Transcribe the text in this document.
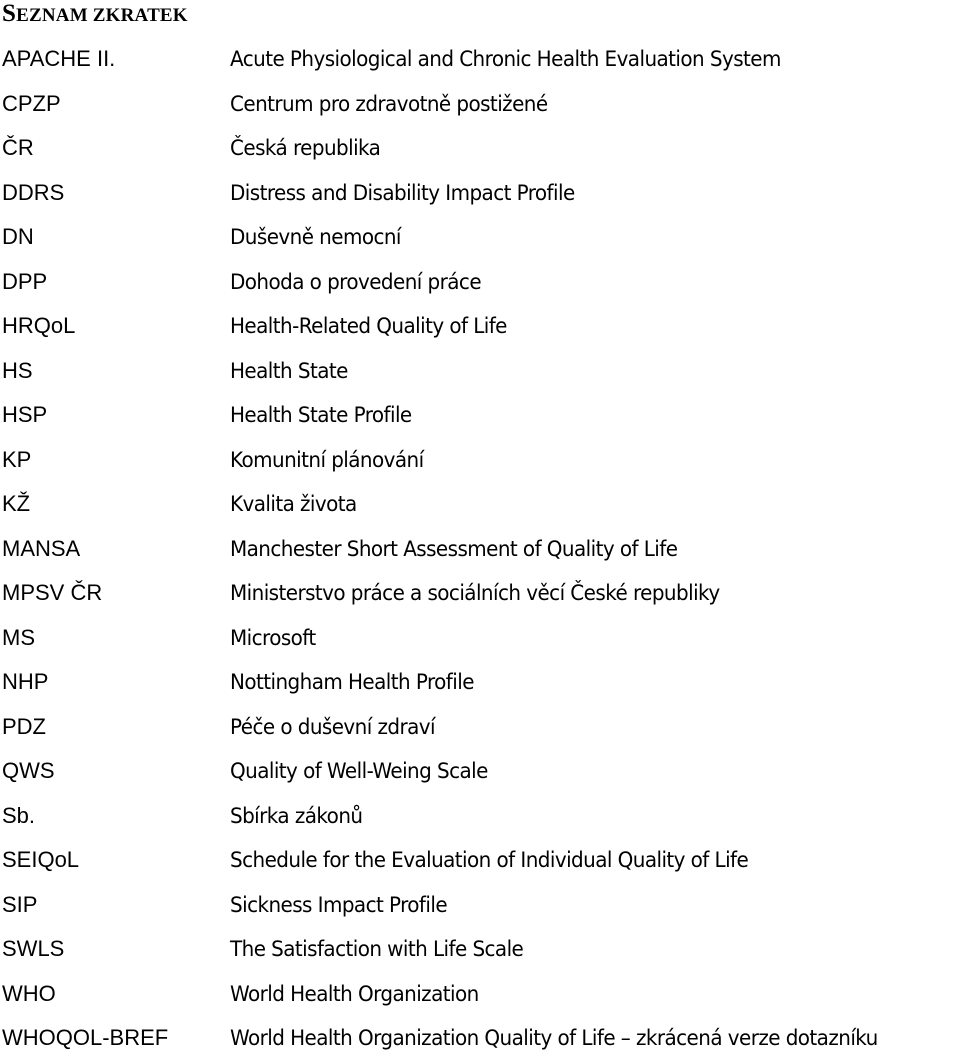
SEZNAM ZKRATEK
APACHE II.	Acute Physiological and Chronic Health Evaluation System
CPZP	Centrum pro zdravotně postižené
ČR	Česká republika
DDRS	Distress and Disability Impact Profile
DN	Duševně nemocní
DPP	Dohoda o provedení práce
HRQoL	Health-Related Quality of Life
HS	Health State
HSP	Health State Profile
KP	Komunitní plánování
KŽ	Kvalita života
MANSA	Manchester Short Assessment of Quality of Life
MPSV ČR	Ministerstvo práce a sociálních věcí České republiky
MS	Microsoft
NHP	Nottingham Health Profile
PDZ	Péče o duševní zdraví
QWS	Quality of Well-Weing Scale
Sb.	Sbírka zákonů
SEIQoL	Schedule for the Evaluation of Individual Quality of Life
SIP	Sickness Impact Profile
SWLS	The Satisfaction with Life Scale
WHO	World Health Organization
WHOQOL-BREF	World Health Organization Quality of Life – zkrácená verze dotazníku
